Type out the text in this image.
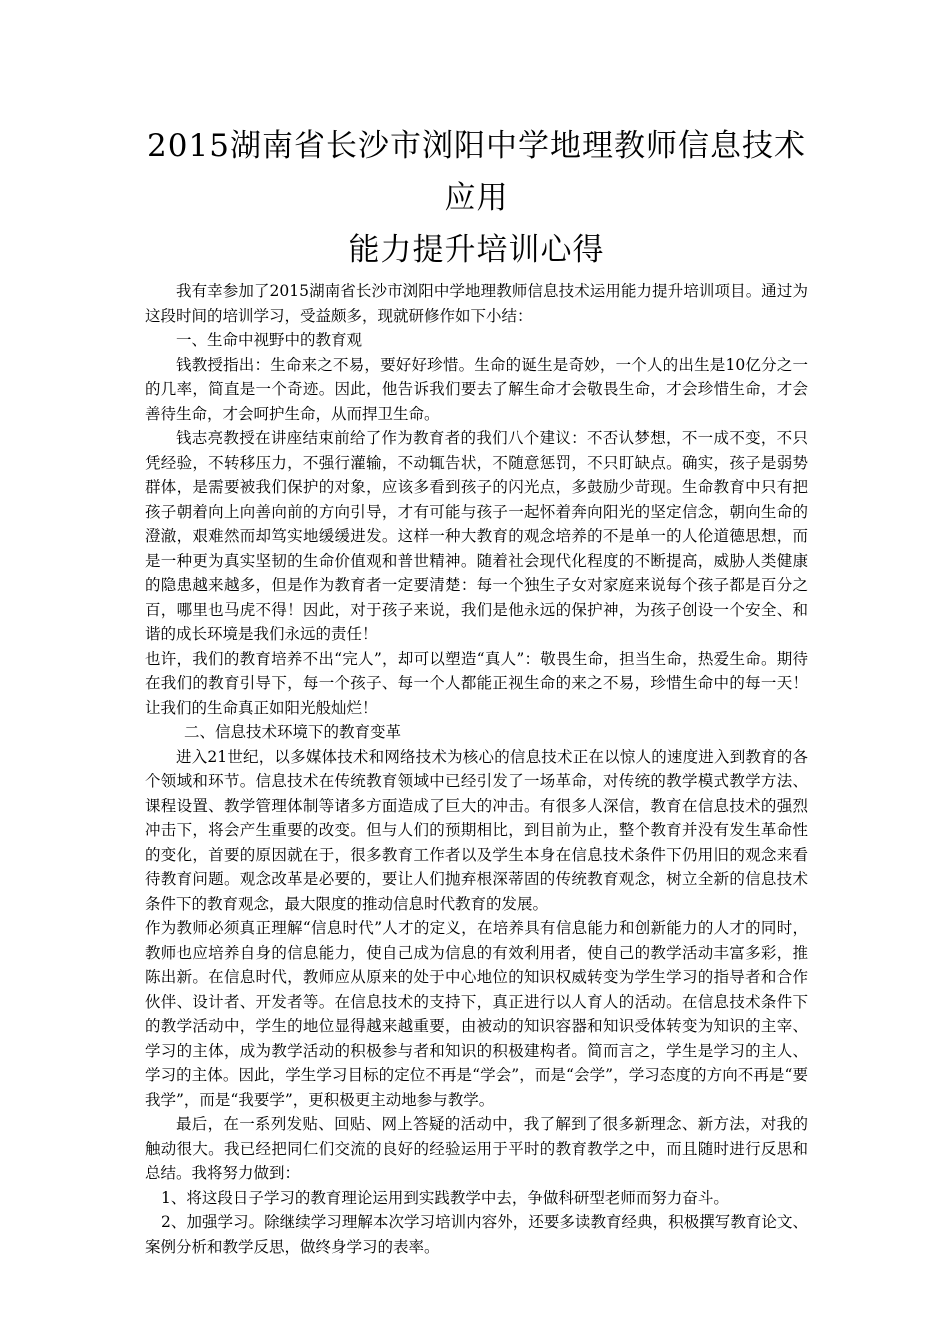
2015湖南省长沙市浏阳中学地理教师信息技术应用
能力提升培训心得

我有幸参加了2015湖南省长沙市浏阳中学地理教师信息技术运用能力提升培训项目。通过为这段时间的培训学习，受益颇多，现就研修作如下小结：

一、生命中视野中的教育观

钱教授指出：生命来之不易，要好好珍惜。生命的诞生是奇妙，一个人的出生是10亿分之一的几率，简直是一个奇迹。因此，他告诉我们要去了解生命才会敬畏生命，才会珍惜生命，才会善待生命，才会呵护生命，从而捍卫生命。

钱志亮教授在讲座结束前给了作为教育者的我们八个建议：不否认梦想，不一成不变，不只凭经验，不转移压力，不强行灌输，不动辄告状，不随意惩罚，不只盯缺点。确实，孩子是弱势群体，是需要被我们保护的对象，应该多看到孩子的闪光点，多鼓励少苛现。生命教育中只有把孩子朝着向上向善向前的方向引导，才有可能与孩子一起怀着奔向阳光的坚定信念，朝向生命的澄澈，艰难然而却笃实地缓缓进发。这样一种大教育的观念培养的不是单一的人伦道德思想，而是一种更为真实坚韧的生命价值观和普世精神。随着社会现代化程度的不断提高，威胁人类健康的隐患越来越多，但是作为教育者一定要清楚：每一个独生子女对家庭来说每个孩子都是百分之百，哪里也马虎不得！因此，对于孩子来说，我们是他永远的保护神，为孩子创设一个安全、和谐的成长环境是我们永远的责任！

也许，我们的教育培养不出“完人”，却可以塑造“真人”：敬畏生命，担当生命，热爱生命。期待在我们的教育引导下，每一个孩子、每一个人都能正视生命的来之不易，珍惜生命中的每一天！让我们的生命真正如阳光般灿烂！

二、信息技术环境下的教育变革

进入21世纪，以多媒体技术和网络技术为核心的信息技术正在以惊人的速度进入到教育的各个领域和环节。信息技术在传统教育领域中已经引发了一场革命，对传统的教学模式教学方法、课程设置、教学管理体制等诸多方面造成了巨大的冲击。有很多人深信，教育在信息技术的强烈冲击下，将会产生重要的改变。但与人们的预期相比，到目前为止，整个教育并没有发生革命性的变化，首要的原因就在于，很多教育工作者以及学生本身在信息技术条件下仍用旧的观念来看待教育问题。观念改革是必要的，要让人们抛弃根深蒂固的传统教育观念，树立全新的信息技术条件下的教育观念，最大限度的推动信息时代教育的发展。

作为教师必须真正理解“信息时代”人才的定义，在培养具有信息能力和创新能力的人才的同时，教师也应培养自身的信息能力，使自己成为信息的有效利用者，使自己的教学活动丰富多彩，推陈出新。在信息时代，教师应从原来的处于中心地位的知识权威转变为学生学习的指导者和合作伙伴、设计者、开发者等。在信息技术的支持下，真正进行以人育人的活动。在信息技术条件下的教学活动中，学生的地位显得越来越重要，由被动的知识容器和知识受体转变为知识的主宰、学习的主体，成为教学活动的积极参与者和知识的积极建构者。简而言之，学生是学习的主人、学习的主体。因此，学生学习目标的定位不再是“学会”，而是“会学”，学习态度的方向不再是“要我学”，而是“我要学”，更积极更主动地参与教学。

最后，在一系列发贴、回贴、网上答疑的活动中，我了解到了很多新理念、新方法，对我的触动很大。我已经把同仁们交流的良好的经验运用于平时的教育教学之中，而且随时进行反思和总结。我将努力做到：

1、将这段日子学习的教育理论运用到实践教学中去，争做科研型老师而努力奋斗。

2、加强学习。除继续学习理解本次学习培训内容外，还要多读教育经典，积极撰写教育论文、案例分析和教学反思，做终身学习的表率。
